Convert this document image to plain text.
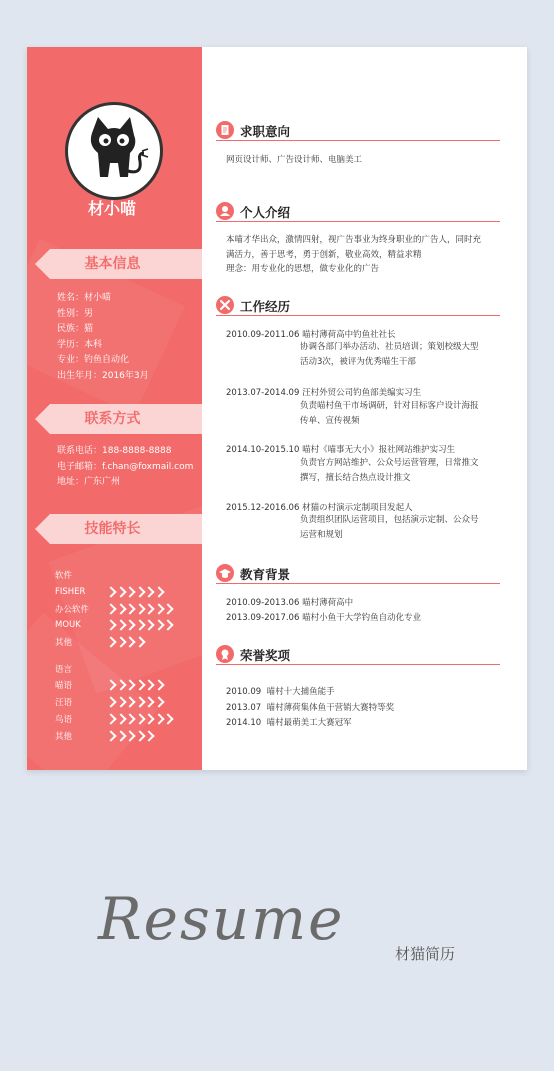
材小喵
基本信息
姓名：材小喵
性别：男
民族：猫
学历：本科
专业：钓鱼自动化
出生年月：2016年3月
联系方式
联系电话：188-8888-8888
电子邮箱：f.chan@foxmail.com
地址：广东广州
技能特长
软件
FISHER
办公软件
MOUK
其他
语言
喵语
汪语
鸟语
其他
求职意向
网页设计师、广告设计师、电脑美工
个人介绍
本喵才华出众，激情四射，视广告事业为终身职业的广告人，同时充
满活力，善于思考，勇于创新，敬业高效，精益求精
理念：用专业化的思想，做专业化的广告
工作经历
2010.09-2011.06 喵村薄荷高中钓鱼社社长
协调各部门举办活动、社员培训；策划校级大型
活动3次，被评为优秀喵生干部
2013.07-2014.09 汪村外贸公司钓鱼部美编实习生
负责喵村鱼干市场调研，针对目标客户设计海报
传单、宣传视频
2014.10-2015.10 喵村《喵事无大小》报社网站维护实习生
负责官方网站维护、公众号运营管理，日常推文
撰写，擅长结合热点设计推文
2015.12-2016.06 材猫の村演示定制项目发起人
负责组织团队运营项目，包括演示定制、公众号
运营和规划
教育背景
2010.09-2013.06 喵村薄荷高中
2013.09-2017.06 喵村小鱼干大学钓鱼自动化专业
荣誉奖项
2010.09 喵村十大捕鱼能手
2013.07 喵村薄荷集体鱼干营销大赛特等奖
2014.10 喵村最萌美工大赛冠军
Resume
材猫简历
